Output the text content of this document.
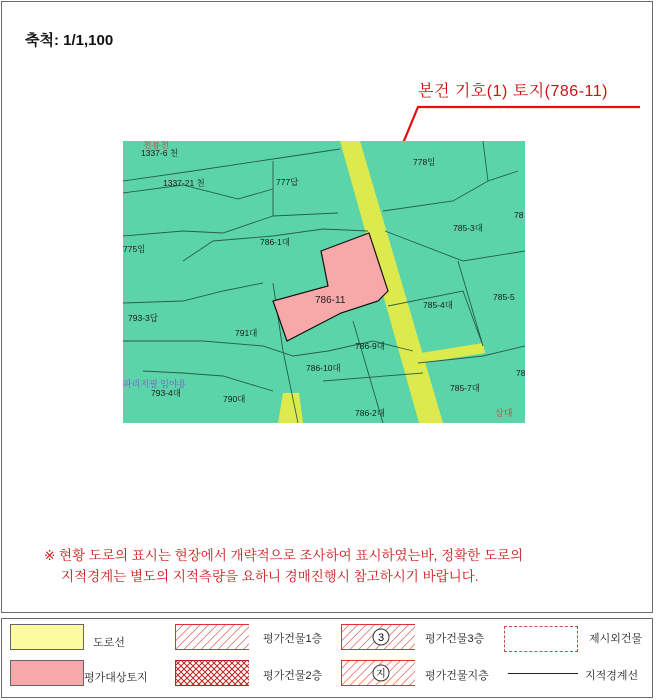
축척: 1/1,100
본건 기호(1) 토지(786-11)
1337-6 천
1337-21 천	777답
778임
786-1대
785-3대
775임
786-11	785-4대
785-5
793-3답
791대
786-9대
786-10대
785-7대
793-4대
790대
786-2대
78
78
천룡천
파리저필 임야용
삼대
※ 현황 도로의 표시는 현장에서 개략적으로 조사하여 표시하였는바, 정확한 도로의
지적경계는 별도의 지적측량을 요하니 경매진행시 참고하시기 바랍니다.
도로선	평가건물1층	3	평가건물3층	제시외건물
평가대상토지	평가건물2층	지	평가건물지층	지적경계선
